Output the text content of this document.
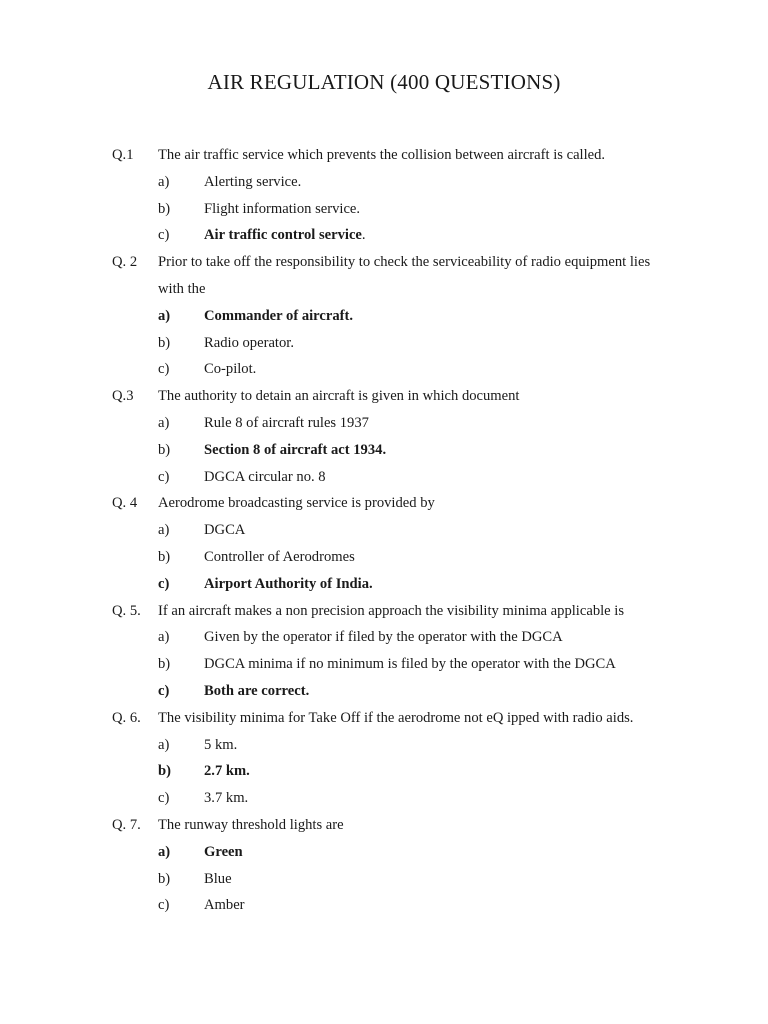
AIR REGULATION (400 QUESTIONS)
Q.1 The air traffic service which prevents the collision between aircraft is called.
a) Alerting service.
b) Flight information service.
c) Air traffic control service.
Q. 2 Prior to take off the responsibility to check the serviceability of radio equipment lies
with the
a) Commander of aircraft.
b) Radio operator.
c) Co-pilot.
Q.3 The authority to detain an aircraft is given in which document
a) Rule 8 of aircraft rules 1937
b) Section 8 of aircraft act 1934.
c) DGCA circular no. 8
Q. 4 Aerodrome broadcasting service is provided by
a) DGCA
b) Controller of Aerodromes
c) Airport Authority of India.
Q. 5. If an aircraft makes a non precision approach the visibility minima applicable is
a) Given by the operator if filed by the operator with the DGCA
b) DGCA minima if no minimum is filed by the operator with the DGCA
c) Both are correct.
Q. 6. The visibility minima for Take Off if the aerodrome not eQ ipped with radio aids.
a) 5 km.
b) 2.7 km.
c) 3.7 km.
Q. 7. The runway threshold lights are
a) Green
b) Blue
c) Amber
